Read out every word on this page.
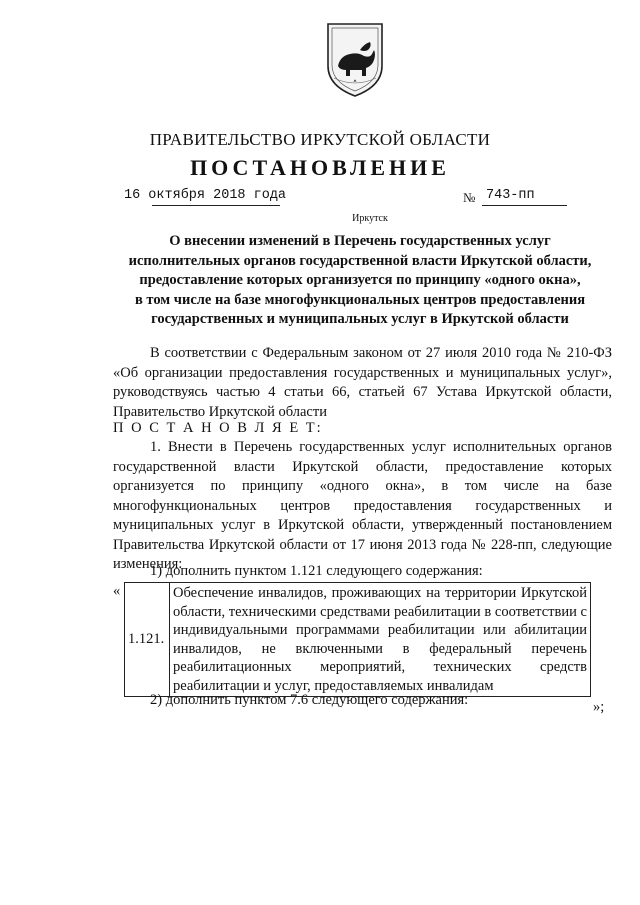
ПРАВИТЕЛЬСТВО ИРКУТСКОЙ ОБЛАСТИ
ПОСТАНОВЛЕНИЕ
16 октября 2018 года	№ 743-пп
Иркутск
О внесении изменений в Перечень государственных услуг
исполнительных органов государственной власти Иркутской области,
предоставление которых организуется по принципу «одного окна»,
в том числе на базе многофункциональных центров предоставления
государственных и муниципальных услуг в Иркутской области
В соответствии с Федеральным законом от 27 июля 2010 года № 210-ФЗ «Об организации предоставления государственных и муниципальных услуг», руководствуясь частью 4 статьи 66, статьей 67 Устава Иркутской области, Правительство Иркутской области
П О С Т А Н О В Л Я Е Т:
1. Внести в Перечень государственных услуг исполнительных органов государственной власти Иркутской области, предоставление которых организуется по принципу «одного окна», в том числе на базе многофункциональных центров предоставления государственных и муниципальных услуг в Иркутской области, утвержденный постановлением Правительства Иркутской области от 17 июня 2013 года № 228-пп, следующие изменения:
1) дополнить пунктом 1.121 следующего содержания:
«
1.121.	Обеспечение инвалидов, проживающих на территории Иркутской области, техническими средствами реабилитации в соответствии с индивидуальными программами реабилитации или абилитации инвалидов, не включенными в федеральный перечень реабилитационных мероприятий, технических средств реабилитации и услуг, предоставляемых инвалидам
»;
2) дополнить пунктом 7.6 следующего содержания:
